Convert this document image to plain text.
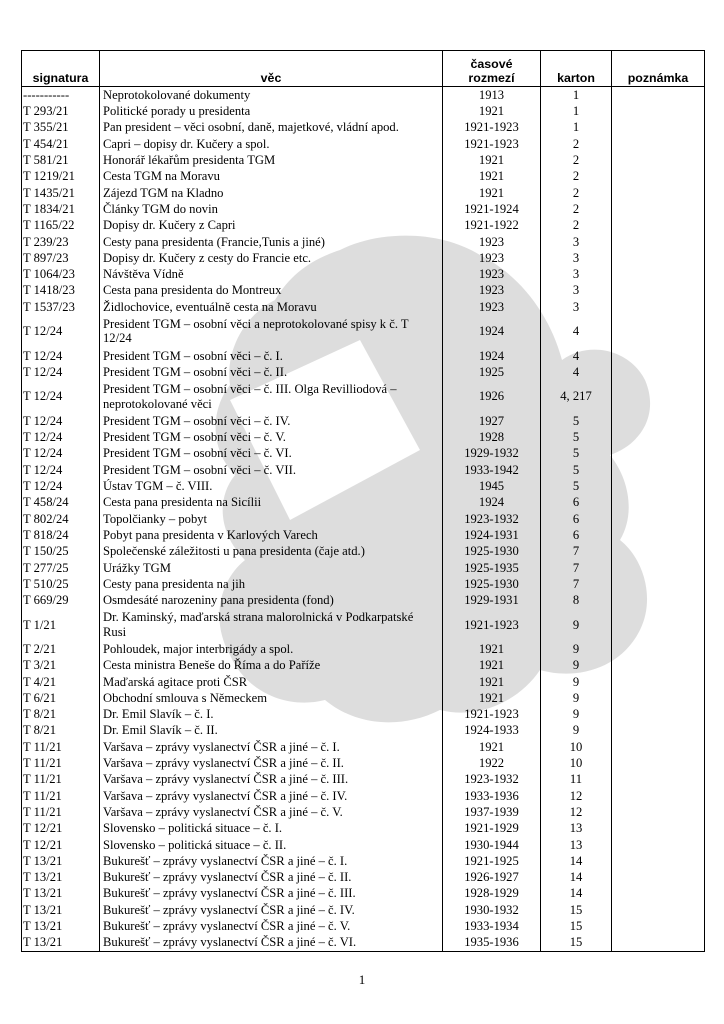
signatura	věc	časové rozmezí	karton	poznámka
-----------	Neprotokolované dokumenty	1913	1	
T 293/21	Politické porady u presidenta	1921	1	
T 355/21	Pan president – věci osobní, daně, majetkové, vládní apod.	1921-1923	1	
T 454/21	Capri – dopisy dr. Kučery a spol.	1921-1923	2	
T 581/21	Honorář lékařům presidenta TGM	1921	2	
T 1219/21	Cesta TGM na Moravu	1921	2	
T 1435/21	Zájezd TGM na Kladno	1921	2	
T 1834/21	Články TGM do novin	1921-1924	2	
T 1165/22	Dopisy dr. Kučery z Capri	1921-1922	2	
T 239/23	Cesty pana presidenta (Francie,Tunis a jiné)	1923	3	
T 897/23	Dopisy dr. Kučery z cesty do Francie etc.	1923	3	
T 1064/23	Návštěva Vídně	1923	3	
T 1418/23	Cesta pana presidenta do Montreux	1923	3	
T 1537/23	Židlochovice, eventuálně cesta na Moravu	1923	3	
T 12/24	President TGM – osobní věci a neprotokolované spisy k č. T 12/24	1924	4	
T 12/24	President TGM – osobní věci – č. I.	1924	4	
T 12/24	President TGM – osobní věci – č. II.	1925	4	
T 12/24	President TGM – osobní věci – č. III. Olga Revilliodová – neprotokolované věci	1926	4, 217	
T 12/24	President TGM – osobní věci – č. IV.	1927	5	
T 12/24	President TGM – osobní věci – č. V.	1928	5	
T 12/24	President TGM – osobní věci – č. VI.	1929-1932	5	
T 12/24	President TGM – osobní věci – č. VII.	1933-1942	5	
T 12/24	Ústav TGM – č. VIII.	1945	5	
T 458/24	Cesta pana presidenta na Sicílii	1924	6	
T 802/24	Topolčianky – pobyt	1923-1932	6	
T 818/24	Pobyt pana presidenta v Karlových Varech	1924-1931	6	
T 150/25	Společenské záležitosti u pana presidenta (čaje atd.)	1925-1930	7	
T 277/25	Urážky TGM	1925-1935	7	
T 510/25	Cesty pana presidenta na jih	1925-1930	7	
T 669/29	Osmdesáté narozeniny pana presidenta (fond)	1929-1931	8	
T 1/21	Dr. Kaminský, maďarská strana malorolnická v Podkarpatské Rusi	1921-1923	9	
T 2/21	Pohloudek, major interbrigády a spol.	1921	9	
T 3/21	Cesta ministra Beneše do Říma a do Paříže	1921	9	
T 4/21	Maďarská agitace proti ČSR	1921	9	
T 6/21	Obchodní smlouva s Německem	1921	9	
T 8/21	Dr. Emil Slavík – č. I.	1921-1923	9	
T 8/21	Dr. Emil Slavík – č. II.	1924-1933	9	
T 11/21	Varšava – zprávy vyslanectví ČSR a jiné – č. I.	1921	10	
T 11/21	Varšava – zprávy vyslanectví ČSR a jiné – č. II.	1922	10	
T 11/21	Varšava – zprávy vyslanectví ČSR a jiné – č. III.	1923-1932	11	
T 11/21	Varšava – zprávy vyslanectví ČSR a jiné – č. IV.	1933-1936	12	
T 11/21	Varšava – zprávy vyslanectví ČSR a jiné – č. V.	1937-1939	12	
T 12/21	Slovensko – politická situace – č. I.	1921-1929	13	
T 12/21	Slovensko – politická situace – č. II.	1930-1944	13	
T 13/21	Bukurešť – zprávy vyslanectví ČSR a jiné – č. I.	1921-1925	14	
T 13/21	Bukurešť – zprávy vyslanectví ČSR a jiné – č. II.	1926-1927	14	
T 13/21	Bukurešť – zprávy vyslanectví ČSR a jiné – č. III.	1928-1929	14	
T 13/21	Bukurešť – zprávy vyslanectví ČSR a jiné – č. IV.	1930-1932	15	
T 13/21	Bukurešť – zprávy vyslanectví ČSR a jiné – č. V.	1933-1934	15	
T 13/21	Bukurešť – zprávy vyslanectví ČSR a jiné – č. VI.	1935-1936	15	
1
